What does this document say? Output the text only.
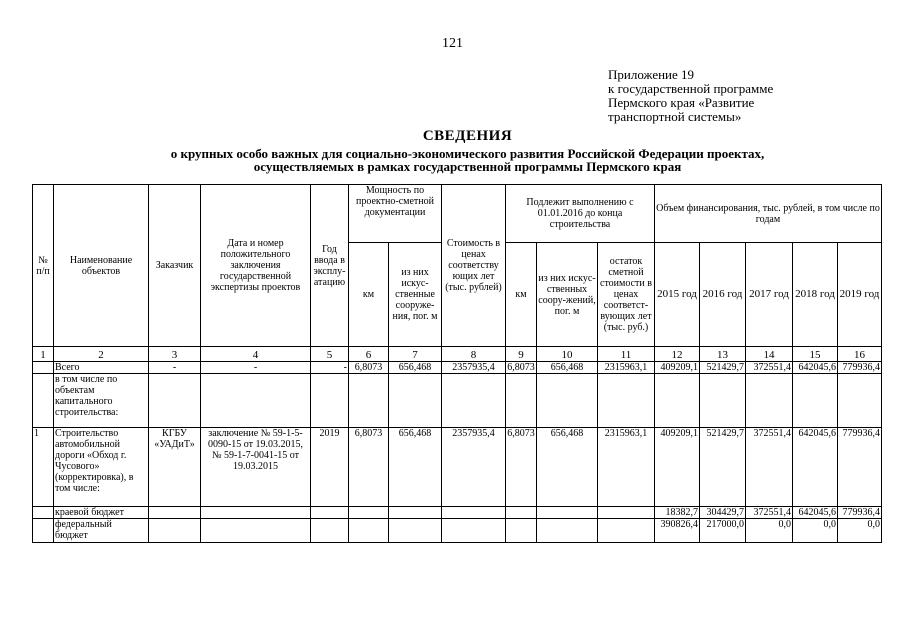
121
Приложение 19
к государственной программе
Пермского края «Развитие
транспортной системы»
СВЕДЕНИЯ
о крупных особо важных для социально-экономического развития Российской Федерации проектах,
осуществляемых в рамках государственной программы Пермского края
№ п/п	Наименование объектов	Заказчик	Дата и номер положительного заключения государственной экспертизы проектов	Год ввода в эксплу-атацию	Мощность по проектно-сметной документации		Стоимость в ценах соответству ющих лет (тыс. рублей)	Подлежит выполнению с 01.01.2016 до конца строительства			Объем финансирования, тыс. рублей, в том числе по годам				
					км	из них искус-ственные сооруже-ния, пог. м		км	из них искус-ственных соору-жений, пог. м	остаток сметной стоимости в ценах соответст-вующих лет (тыс. руб.)	2015 год	2016 год	2017 год	2018 год	2019 год
1	2	3	4	5	6	7	8	9	10	11	12	13	14	15	16
	Всего	-	-	-	6,8073	656,468	2357935,4	6,8073	656,468	2315963,1	409209,1	521429,7	372551,4	642045,6	779936,4
	в том числе по объектам капитального строительства:														
1	Строительство автомобильной дороги «Обход г. Чусового» (корректировка), в том числе:	КГБУ «УАДиТ»	заключение № 59-1-5-0090-15 от 19.03.2015, № 59-1-7-0041-15 от 19.03.2015	2019	6,8073	656,468	2357935,4	6,8073	656,468	2315963,1	409209,1	521429,7	372551,4	642045,6	779936,4
	краевой бюджет										18382,7	304429,7	372551,4	642045,6	779936,4
	федеральный бюджет										390826,4	217000,0	0,0	0,0	0,0
